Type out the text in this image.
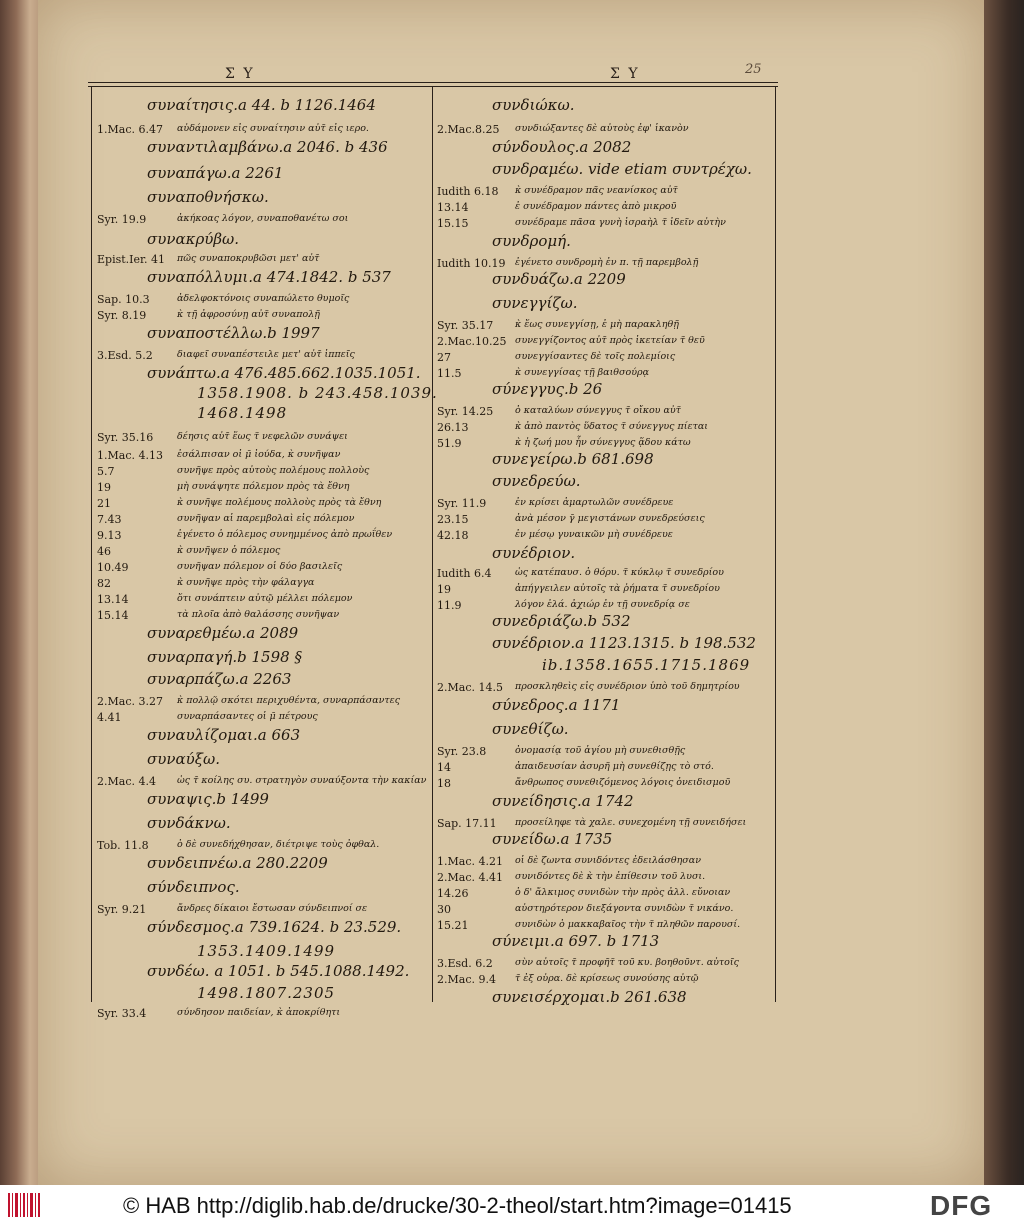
Σ Υ	Σ Υ	25
συναίτησις.a 44. b 1126.1464
1.Mac. 6.47 αὐδάμονεν εἰς συναίτησιν αὐτ̃ εἰς ιερο.
συναντιλαμβάνω.a 2046. b 436
συναπάγω.a 2261
συναποθνήσκω.
Syr. 19.9	ἀκήκοας λόγον, συναποθανέτω σοι
συνακρύβω.
Epist.Ier. 41 πῶς συναποκρυβῶσι μετ' αὐτ̃
συναπόλλυμι.a 474.1842. b 537
Sap. 10.3	ἀδελφοκτόνοις συναπώλετο θυμοῖς
Syr. 8.19	κ̀ τῇ ἀφροσύνῃ αὐτ̃ συναπολῇ
συναποστέλλω.b 1997
3.Esd. 5.2	διαφεῖ συναπέστειλε μετ' αὐτ̃ ἱππεῖς
συνάπτω.a 476.485.662.1035.1051.
1358.1908. b 243.458.1039.
1468.1498
Syr. 35.16 δέησις αὐτ̃ ἕως τ̃ νεφελῶν συνάψει
1.Mac. 4.13 ἐσάλπισαν οἱ μ̄ ἰούδα, κ̀ συνῆψαν
5.7	συνῆψε πρὸς αὐτοὺς πολέμους πολλοὺς
19	μὴ συνάψητε πόλεμον πρὸς τὰ ἔθνη
21	κ̀ συνῆψε πολέμους πολλοὺς πρὸς τὰ ἔθνη
7.43	συνῆψαν αἱ παρεμβολαὶ εἰς πόλεμον
9.13	ἐγένετο ὁ πόλεμος συνημμένος ἀπὸ πρωΐθεν
46	κ̀ συνῆψεν ὁ πόλεμος
10.49	συνῆψαν πόλεμον οἱ δύο βασιλεῖς
82	κ̀ συνῆψε πρὸς τὴν φάλαγγα
13.14	ὅτι συνάπτειν αὐτῷ μέλλει πόλεμον
15.14	τὰ πλοῖα ἀπὸ θαλάσσης συνῆψαν
συναρεθμέω.a 2089
συναρπαγή.b 1598 §
συναρπάζω.a 2263
2.Mac. 3.27 κ̀ πολλῷ σκότει περιχυθέντα, συναρπάσαντες
4.41	συναρπάσαντες οἱ μ̄ πέτρους
συναυλίζομαι.a 663
συναύξω.
2.Mac. 4.4 ὡς τ̃ κοίλης συ. στρατηγὸν συναύξοντα τὴν κακίαν
συναψις.b 1499
συνδάκνω.
Tob. 11.8	ὁ δὲ συνεδήχθησαν, διέτριψε τοὺς ὀφθαλ.
συνδειπνέω.a 280.2209
σύνδειπνος.
Syr. 9.21	ἄνδρες δίκαιοι ἔστωσαν σύνδειπνοί σε
σύνδεσμος.a 739.1624. b 23.529.
1353.1409.1499
συνδέω. a 1051. b 545.1088.1492.
1498.1807.2305
Syr. 33.4	σύνδησον παιδείαν, κ̀ ἀποκρίθητι
συνδιώκω.
2.Mac.8.25 συνδιώξαντες δὲ αὐτοὺς ἐφ' ἱκανὸν
σύνδουλος.a 2082
συνδραμέω. vide etiam συντρέχω.
Iudith 6.18 κ̀ συνέδραμον πᾶς νεανίσκος αὐτ̃
13.14	ἐ συνέδραμον πάντες ἀπὸ μικροῦ
15.15	συνέδραμε πᾶσα γυνὴ ἰσραὴλ τ̃ ἰδεῖν αὐτὴν
συνδρομή.
Iudith 10.19 ἐγένετο συνδρομὴ ἐν π. τῇ παρεμβολῇ
συνδυάζω.a 2209
συνεγγίζω.
Syr. 35.17 κ̀ ἕως συνεγγίσῃ, ἐ μὴ παρακληθῇ
2.Mac.10.25 συνεγγίζοντος αὐτ̃ πρὸς ἱκετείαν τ̃ θεῦ
27	συνεγγίσαντες δὲ τοῖς πολεμίοις
11.5	κ̀ συνεγγίσας τῇ βαιθσούρᾳ
σύνεγγυς.b 26
Syr. 14.25 ὁ καταλύων σύνεγγυς τ̃ οἴκου αὐτ̃
26.13	κ̀ ἀπὸ παντὸς ὕδατος τ̃ σύνεγγυς πίεται
51.9	κ̀ ἡ ζωή μου ἦν σύνεγγυς ᾅδου κάτω
συνεγείρω.b 681.698
συνεδρεύω.
Syr. 11.9	ἐν κρίσει ἁμαρτωλῶν συνέδρευε
23.15	ἀνὰ μέσον γ̄ μεγιστάνων συνεδρεύσεις
42.18	ἐν μέσῳ γυναικῶν μὴ συνέδρευε
συνέδριον.
Iudith 6.4 ὡς κατέπαυσ. ὁ θόρυ. τ̃ κύκλῳ τ̃ συνεδρίου
19	ἀπήγγειλεν αὐτοῖς τὰ ῥήματα τ̃ συνεδρίου
11.9	λόγον ἐλά. ἀχιώρ ἐν τῇ συνεδρίᾳ σε
συνεδριάζω.b 532
συνέδριον.a 1123.1315. b 198.532
ib.1358.1655.1715.1869
2.Mac. 14.5 προσκληθεὶς εἰς συνέδριον ὑπὸ τοῦ δημητρίου
σύνεδρος.a 1171
συνεθίζω.
Syr. 23.8	ὀνομασίᾳ τοῦ ἁγίου μὴ συνεθισθῇς
14	ἀπαιδευσίαν ἀσυρῆ μὴ συνεθίζῃς τὸ στό.
18	ἄνθρωπος συνεθιζόμενος λόγοις ὀνειδισμοῦ
συνείδησις.a 1742
Sap. 17.11 προσείληφε τὰ χαλε. συνεχομένη τῇ συνειδήσει
συνείδω.a 1735
1.Mac. 4.21 οἱ δὲ ζωντα συνιδόντες ἐδειλάσθησαν
2.Mac. 4.41 συνιδόντες δὲ κ̀ τὴν ἐπίθεσιν τοῦ λυσι.
14.26	ὁ δ' ἄλκιμος συνιδὼν τὴν πρὸς ἀλλ. εὔνοιαν
30	αὐστηρότερον διεξάγοντα συνιδὼν τ̃ νικάνο.
15.21	συνιδὼν ὁ μακκαβαῖος τὴν τ̃ πληθῶν παρουσί.
σύνειμι.a 697. b 1713
3.Esd. 6.2 σὺν αὐτοῖς τ̃ προφῆτ̃ τοῦ κυ. βοηθοῦντ. αὐτοῖς
2.Mac. 9.4 τ̃ ἐξ οὐρα. δὲ κρίσεως συνούσης αὐτῷ
συνεισέρχομαι.b 261.638
© HAB http://diglib.hab.de/drucke/30-2-theol/start.htm?image=01415	DFG
